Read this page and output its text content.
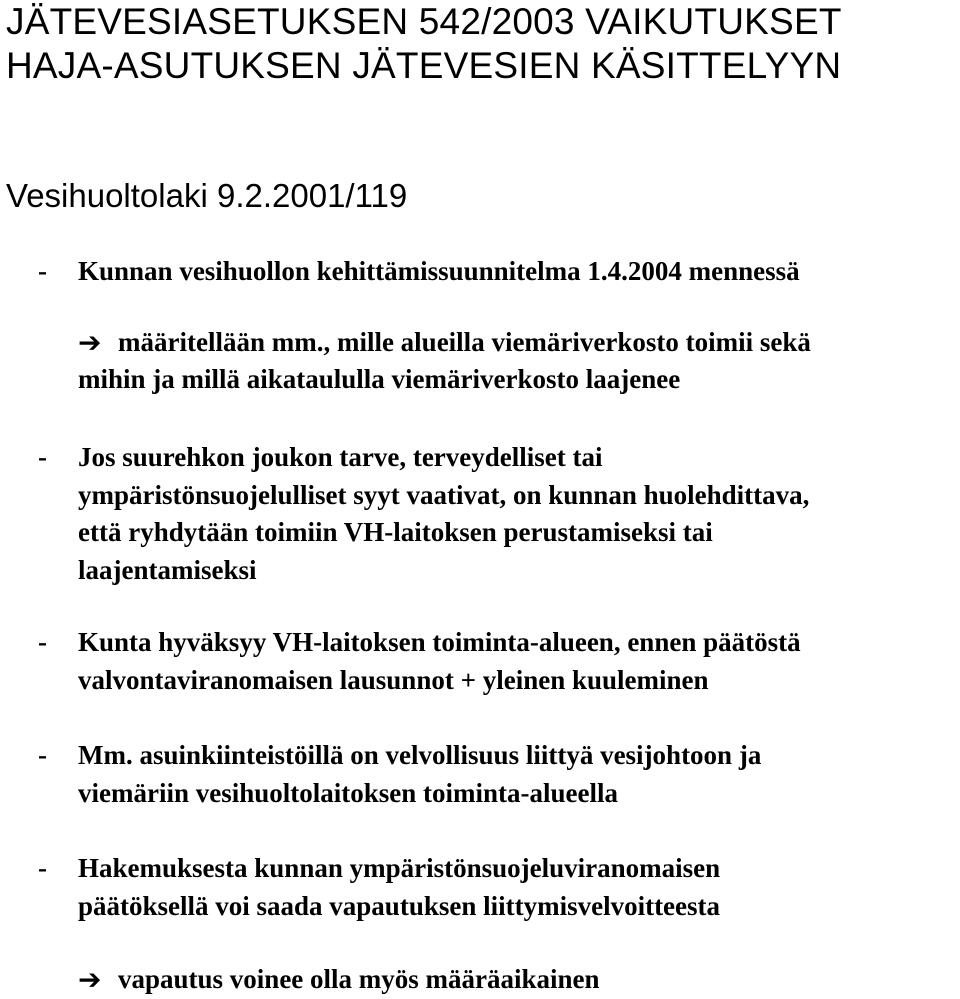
JÄTEVESIASETUKSEN 542/2003 VAIKUTUKSET
HAJA-ASUTUKSEN JÄTEVESIEN KÄSITTELYYN
Vesihuoltolaki 9.2.2001/119
- Kunnan vesihuollon kehittämissuunnitelma 1.4.2004 mennessä
➔ määritellään mm., mille alueilla viemäriverkosto toimii sekä
mihin ja millä aikataululla viemäriverkosto laajenee
- Jos suurehkon joukon tarve, terveydelliset tai
ympäristönsuojelulliset syyt vaativat, on kunnan huolehdittava,
että ryhdytään toimiin VH-laitoksen perustamiseksi tai
laajentamiseksi
- Kunta hyväksyy VH-laitoksen toiminta-alueen, ennen päätöstä
valvontaviranomaisen lausunnot + yleinen kuuleminen
- Mm. asuinkiinteistöillä on velvollisuus liittyä vesijohtoon ja
viemäriin vesihuoltolaitoksen toiminta-alueella
- Hakemuksesta kunnan ympäristönsuojeluviranomaisen
päätöksellä voi saada vapautuksen liittymisvelvoitteesta
➔ vapautus voinee olla myös määräaikainen
